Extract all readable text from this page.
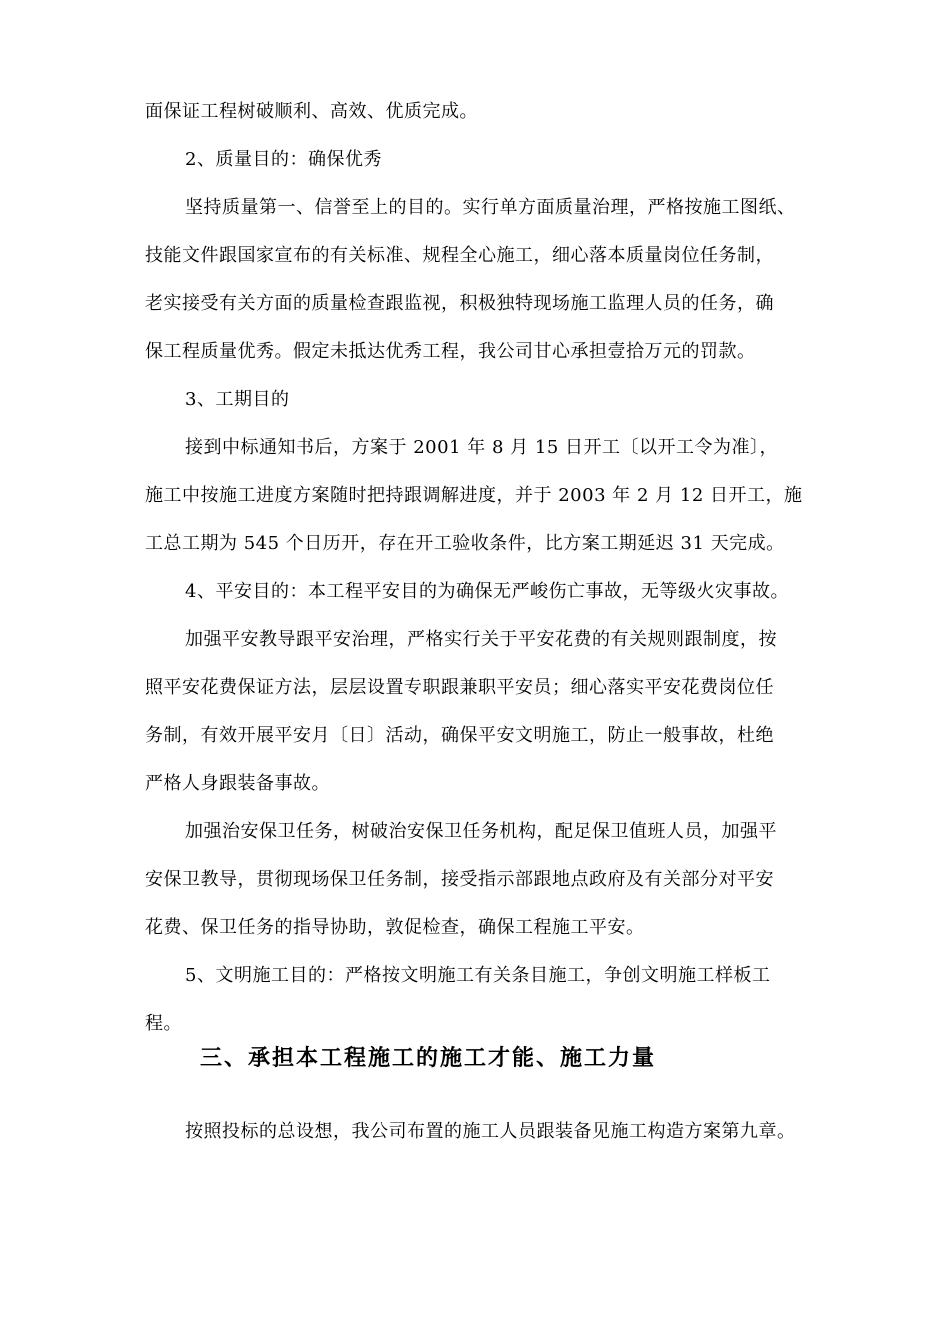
面保证工程树破顺利、高效、优质完成。
2、质量目的：确保优秀
坚持质量第一、信誉至上的目的。实行单方面质量治理，严格按施工图纸、
技能文件跟国家宣布的有关标准、规程全心施工，细心落本质量岗位任务制，
老实接受有关方面的质量检查跟监视，积极独特现场施工监理人员的任务，确
保工程质量优秀。假定未抵达优秀工程，我公司甘心承担壹拾万元的罚款。
3、工期目的
接到中标通知书后，方案于 2001 年 8 月 15 日开工〔以开工令为准〕，
施工中按施工进度方案随时把持跟调解进度，并于 2003 年 2 月 12 日开工，施
工总工期为 545 个日历开，存在开工验收条件，比方案工期延迟 31 天完成。
4、平安目的：本工程平安目的为确保无严峻伤亡事故，无等级火灾事故。
加强平安教导跟平安治理，严格实行关于平安花费的有关规则跟制度，按
照平安花费保证方法，层层设置专职跟兼职平安员；细心落实平安花费岗位任
务制，有效开展平安月〔日〕活动，确保平安文明施工，防止一般事故，杜绝
严格人身跟装备事故。
加强治安保卫任务，树破治安保卫任务机构，配足保卫值班人员，加强平
安保卫教导，贯彻现场保卫任务制，接受指示部跟地点政府及有关部分对平安
花费、保卫任务的指导协助，敦促检查，确保工程施工平安。
5、文明施工目的：严格按文明施工有关条目施工，争创文明施工样板工
程。
三、承担本工程施工的施工才能、施工力量
按照投标的总设想，我公司布置的施工人员跟装备见施工构造方案第九章。
